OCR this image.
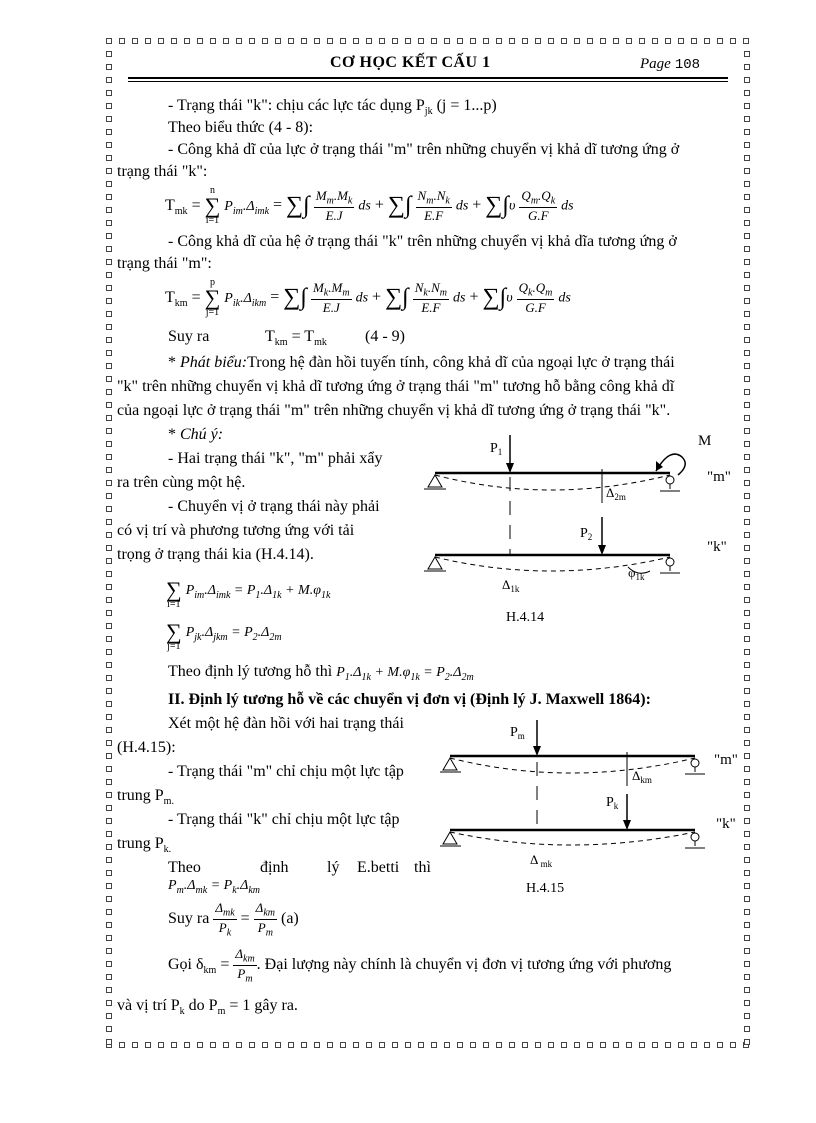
CƠ HỌC KẾT CẤU 1	Page 108
- Trạng thái "k": chịu các lực tác dụng $P_{jk}$ (j = 1...p)
Theo biểu thức (4 - 8):
- Công khả dĩ của lực ở trạng thái "m" trên những chuyển vị khả dĩ tương ứng ở
trạng thái "k":
$T_{mk} = n$
∑
i=1 $P_{im}.\Delta_{imk}$ = ∑∫ $\frac{M_m.M_k}{E.J}$ ds + ∑∫ $\frac{N_m.N_k}{E.F}$ ds + $\sum\int\upsilon \frac{Q_m.Q_k}{G.F}$ ds
- Công khả dĩ của hệ ở trạng thái "k" trên những chuyển vị khả dĩa tương ứng ở
trạng thái "m":
$T_{km} = p$
∑
j=1 $P_{ik}.\Delta_{ikm}$ = ∑∫ $\frac{M_k.M_m}{E.J}$ ds + ∑∫ $\frac{N_k.N_m}{E.F}$ ds + $\sum\int\upsilon \frac{Q_k.Q_m}{G.F}$ ds
Suy ra	$T_{km} = T_{mk}$ (4 - 9)
* Phát biểu:Trong hệ đàn hồi tuyến tính, công khả dĩ của ngoại lực ở trạng thái
"k" trên những chuyển vị khả dĩ tương ứng ở trạng thái "m" tương hỗ bằng công khả dĩ
của ngoại lực ở trạng thái "m" trên những chuyển vị khả dĩ tương ứng ở trạng thái "k".
* Chú ý:
- Hai trạng thái "k", "m" phải xẩy
ra trên cùng một hệ.
- Chuyển vị ở trạng thái này phải
có vị trí và phương tương ứng với tải
trọng ở trạng thái kia (H.4.14).

∑
i=1 $P_{im}.\Delta_{imk} = P_1.\Delta_{1k} + M.\varphi_{1k}$

∑
j=1 $P_{jk}.\Delta_{jkm} = P_2.\Delta_{2m}$
Theo định lý tương hỗ thì $P_1.\Delta_{1k} + M.\varphi_{1k} = P_2.\Delta_{2m}$
II. Định lý tương hỗ về các chuyển vị đơn vị (Định lý J. Maxwell 1864):
Xét một hệ đàn hồi với hai trạng thái
(H.4.15):
- Trạng thái "m" chỉ chịu một lực tập
trung $P_{m.}$
- Trạng thái "k" chỉ chịu một lực tập
trung $P_{k.}$
Theo	định lý E.betti thì
$P_m.\Delta_{mk} = P_k.\Delta_{km}$
Suy ra $\frac{\Delta_{mk}}{P_k} = \frac{\Delta_{km}}{P_m} (a)$
Gọi $\delta_{km} = \frac{\Delta_{km}}{P_m}$ . Đại lượng này chính là chuyển vị đơn vị tương ứng với phương
và vị trí $P_k$ do $P_m = 1$ gây ra.
$P_1$
M
"m"
$\Delta_{2m}$
$P_2$
"k"
$\varphi_{1k}$
$\Delta_{1k}$
H.4.14
$P_m$
"m"
$\Delta_{km}$
$P_k$
"k"
Δ $_{mk}$
H.4.15
